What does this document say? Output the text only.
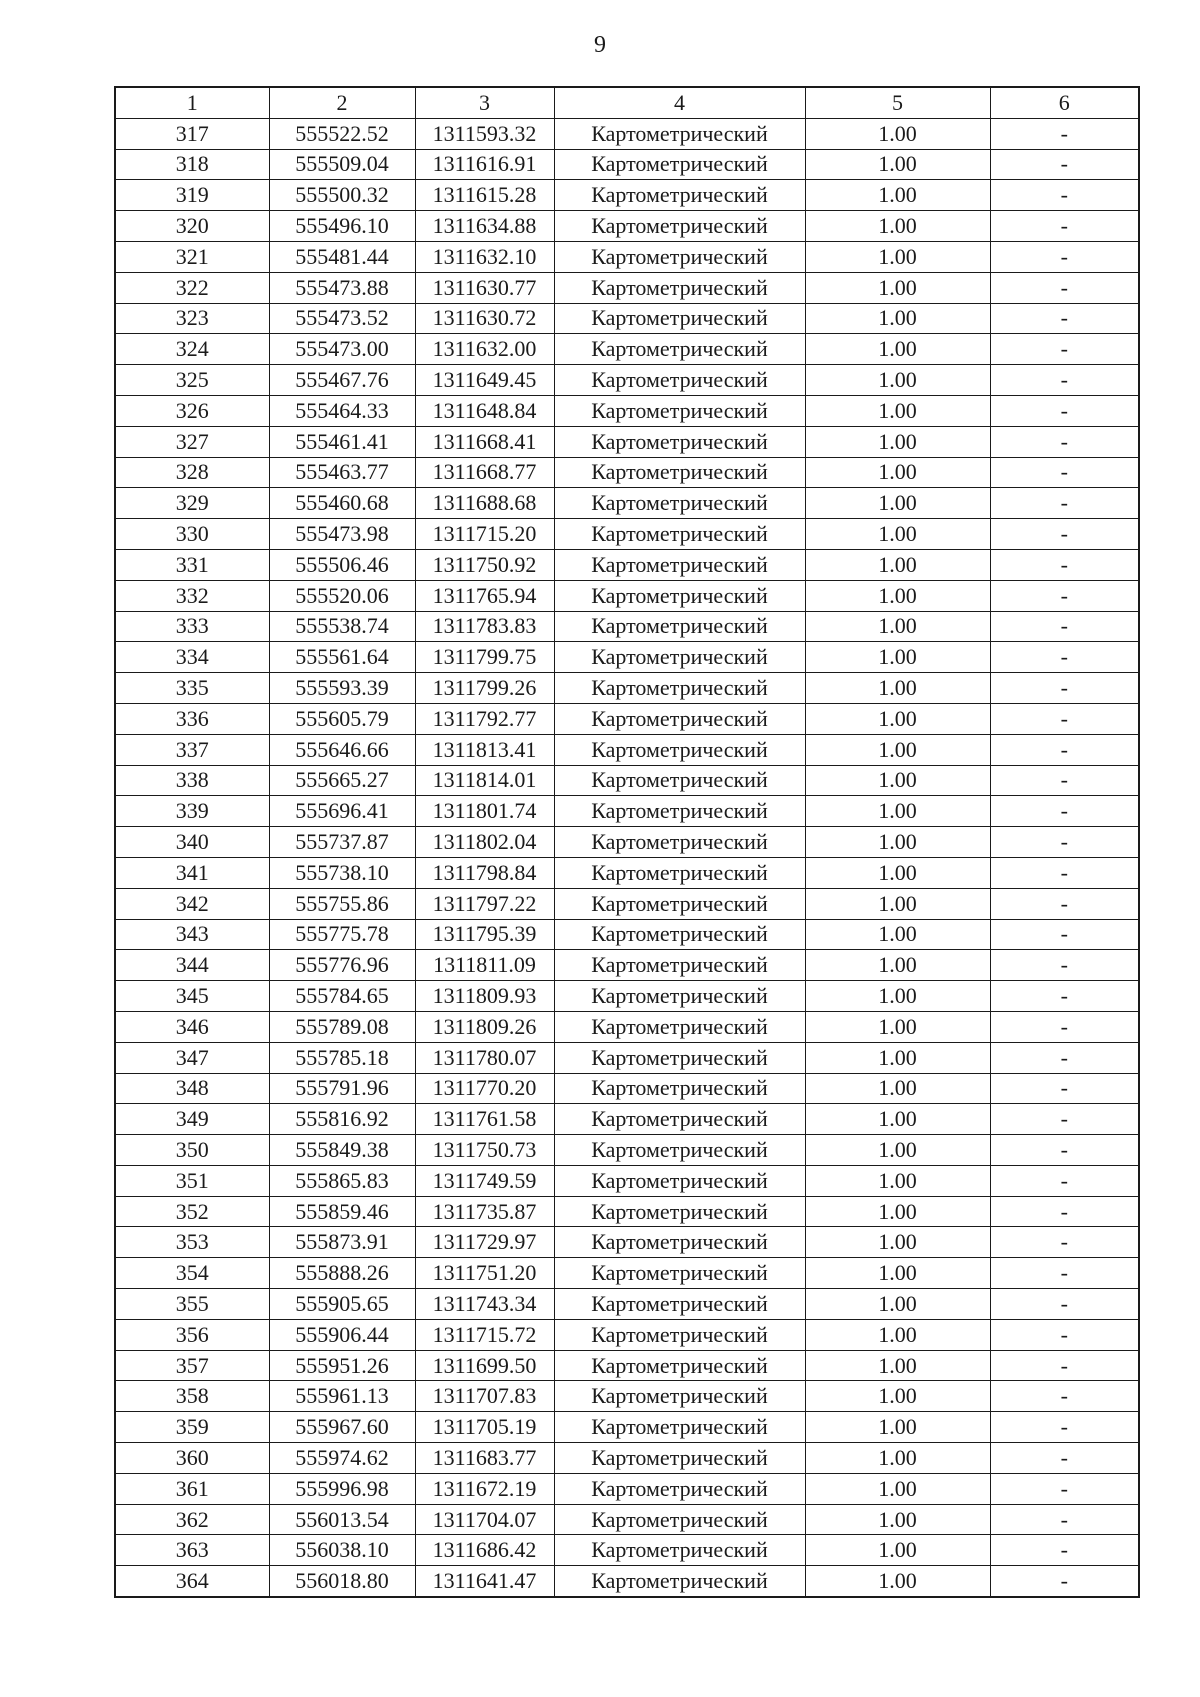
9
1	2	3	4	5	6
317	555522.52	1311593.32	Картометрический	1.00	-
318	555509.04	1311616.91	Картометрический	1.00	-
319	555500.32	1311615.28	Картометрический	1.00	-
320	555496.10	1311634.88	Картометрический	1.00	-
321	555481.44	1311632.10	Картометрический	1.00	-
322	555473.88	1311630.77	Картометрический	1.00	-
323	555473.52	1311630.72	Картометрический	1.00	-
324	555473.00	1311632.00	Картометрический	1.00	-
325	555467.76	1311649.45	Картометрический	1.00	-
326	555464.33	1311648.84	Картометрический	1.00	-
327	555461.41	1311668.41	Картометрический	1.00	-
328	555463.77	1311668.77	Картометрический	1.00	-
329	555460.68	1311688.68	Картометрический	1.00	-
330	555473.98	1311715.20	Картометрический	1.00	-
331	555506.46	1311750.92	Картометрический	1.00	-
332	555520.06	1311765.94	Картометрический	1.00	-
333	555538.74	1311783.83	Картометрический	1.00	-
334	555561.64	1311799.75	Картометрический	1.00	-
335	555593.39	1311799.26	Картометрический	1.00	-
336	555605.79	1311792.77	Картометрический	1.00	-
337	555646.66	1311813.41	Картометрический	1.00	-
338	555665.27	1311814.01	Картометрический	1.00	-
339	555696.41	1311801.74	Картометрический	1.00	-
340	555737.87	1311802.04	Картометрический	1.00	-
341	555738.10	1311798.84	Картометрический	1.00	-
342	555755.86	1311797.22	Картометрический	1.00	-
343	555775.78	1311795.39	Картометрический	1.00	-
344	555776.96	1311811.09	Картометрический	1.00	-
345	555784.65	1311809.93	Картометрический	1.00	-
346	555789.08	1311809.26	Картометрический	1.00	-
347	555785.18	1311780.07	Картометрический	1.00	-
348	555791.96	1311770.20	Картометрический	1.00	-
349	555816.92	1311761.58	Картометрический	1.00	-
350	555849.38	1311750.73	Картометрический	1.00	-
351	555865.83	1311749.59	Картометрический	1.00	-
352	555859.46	1311735.87	Картометрический	1.00	-
353	555873.91	1311729.97	Картометрический	1.00	-
354	555888.26	1311751.20	Картометрический	1.00	-
355	555905.65	1311743.34	Картометрический	1.00	-
356	555906.44	1311715.72	Картометрический	1.00	-
357	555951.26	1311699.50	Картометрический	1.00	-
358	555961.13	1311707.83	Картометрический	1.00	-
359	555967.60	1311705.19	Картометрический	1.00	-
360	555974.62	1311683.77	Картометрический	1.00	-
361	555996.98	1311672.19	Картометрический	1.00	-
362	556013.54	1311704.07	Картометрический	1.00	-
363	556038.10	1311686.42	Картометрический	1.00	-
364	556018.80	1311641.47	Картометрический	1.00	-
